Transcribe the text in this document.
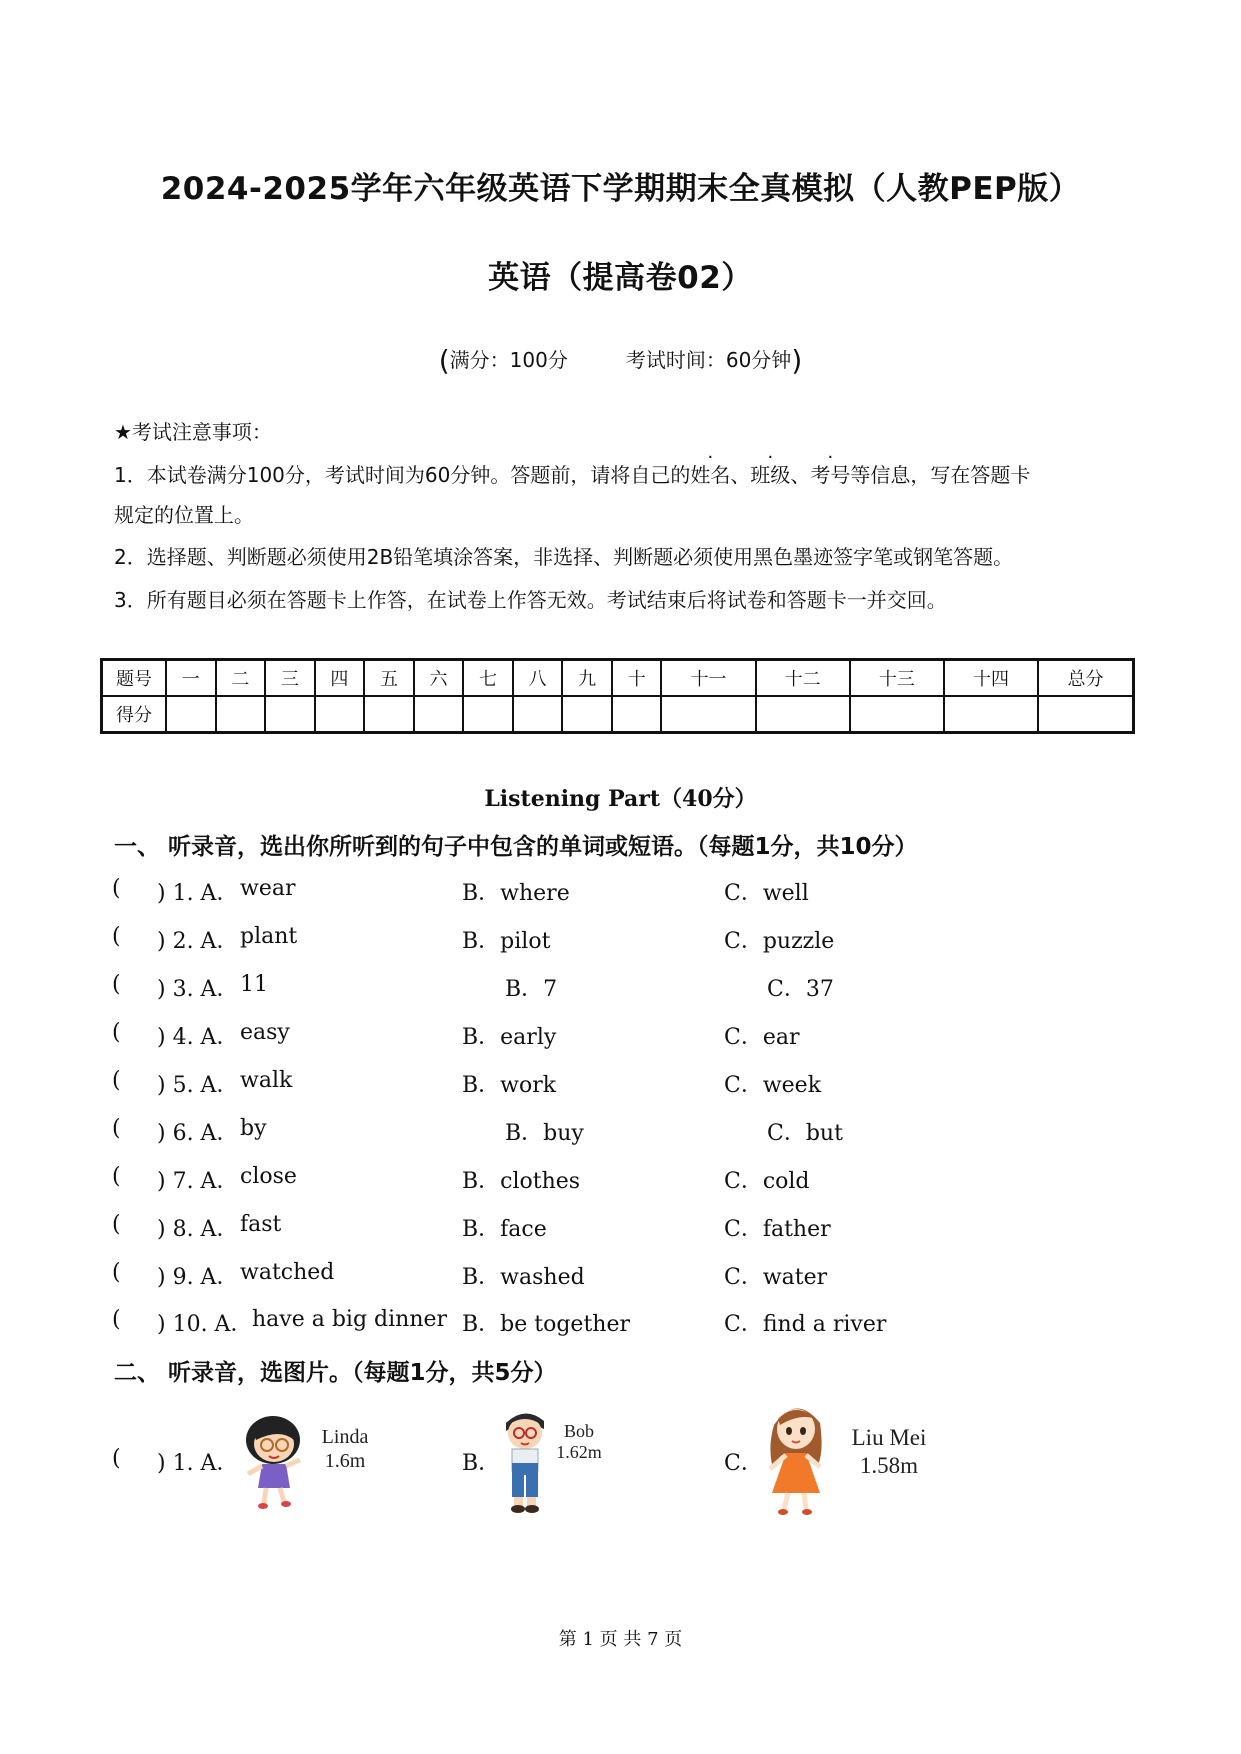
2024-2025学年六年级英语下学期期末全真模拟（人教PEP版）
英语（提高卷02）
(满分：100分	考试时间：60分钟)
★考试注意事项：
1．本试卷满分100分，考试时间为60分钟。答题前，请将自己的姓名、班级、考号等信息，写在答题卡
规定的位置上。
2．选择题、判断题必须使用2B铅笔填涂答案，非选择、判断题必须使用黑色墨迹签字笔或钢笔答题。
3．所有题目必须在答题卡上作答，在试卷上作答无效。考试结束后将试卷和答题卡一并交回。
题号	一	二	三	四	五	六	七	八	九	十	十一	十二	十三	十四	总分
得分															
Listening Part（40分）
一、 听录音，选出你所听到的句子中包含的单词或短语。（每题1分，共10分）
( ) 1. A． wear	B．where	C．well
( ) 2. A． plant	B．pilot	C．puzzle
( ) 3. A． 11	B．7	C．37
( ) 4. A． easy	B．early	C．ear
( ) 5. A． walk	B．work	C．week
( ) 6. A． by	B．buy	C．but
( ) 7. A． close	B．clothes	C．cold
( ) 8. A． fast	B．face	C．father
( ) 9. A． watched	B．washed	C．water
( ) 10. A． have a big dinner B．be together	C．find a river
二、 听录音，选图片。（每题1分，共5分）
( ) 1. A．	B．	C．
Linda
1.6m
Bob
1.62m
Liu Mei
1.58m
第 1 页 共 7 页
